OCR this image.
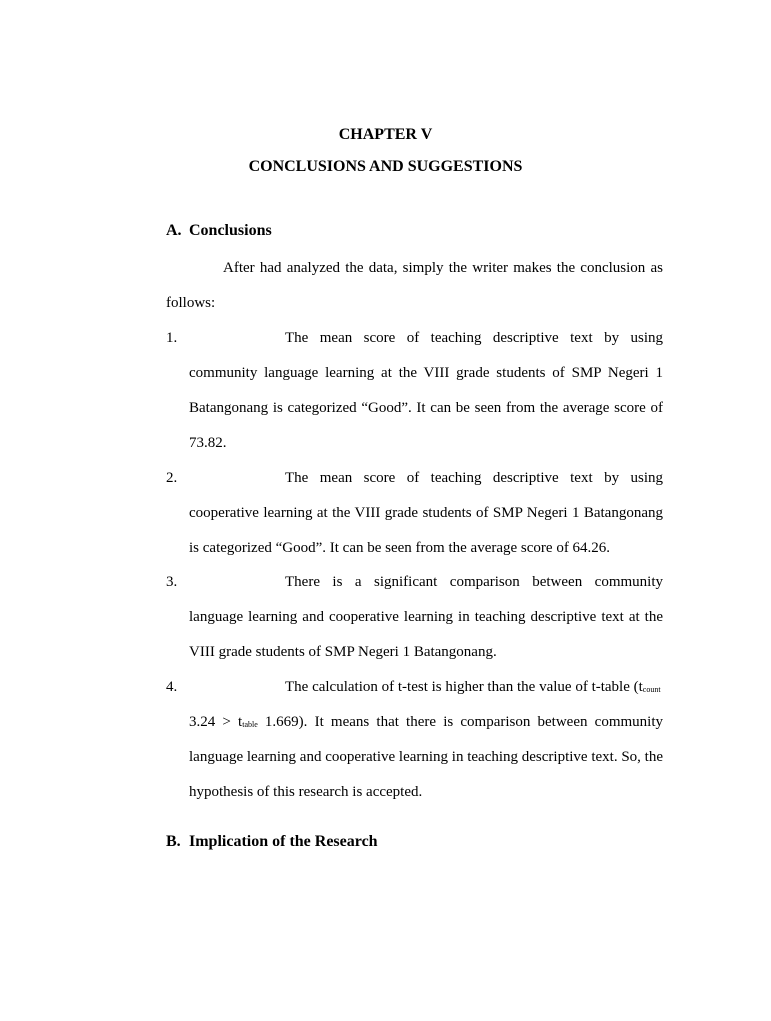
CHAPTER V
CONCLUSIONS AND SUGGESTIONS
A. Conclusions
After had analyzed the data, simply the writer makes the conclusion as
follows:
1.	The mean score of teaching descriptive text by using
community language learning at the VIII grade students of SMP Negeri 1
Batangonang is categorized “Good”. It can be seen from the average score of
73.82.
2.	The mean score of teaching descriptive text by using
cooperative learning at the VIII grade students of SMP Negeri 1 Batangonang
is categorized “Good”. It can be seen from the average score of 64.26.
3.	There is a significant comparison between community
language learning and cooperative learning in teaching descriptive text at the
VIII grade students of SMP Negeri 1 Batangonang.
4.	The calculation of t-test is higher than the value of t-table ($t_{count}$
$3.24 > t_{table}$ 1.669). It means that there is comparison between community
language learning and cooperative learning in teaching descriptive text. So, the
hypothesis of this research is accepted.
B. Implication of the Research
